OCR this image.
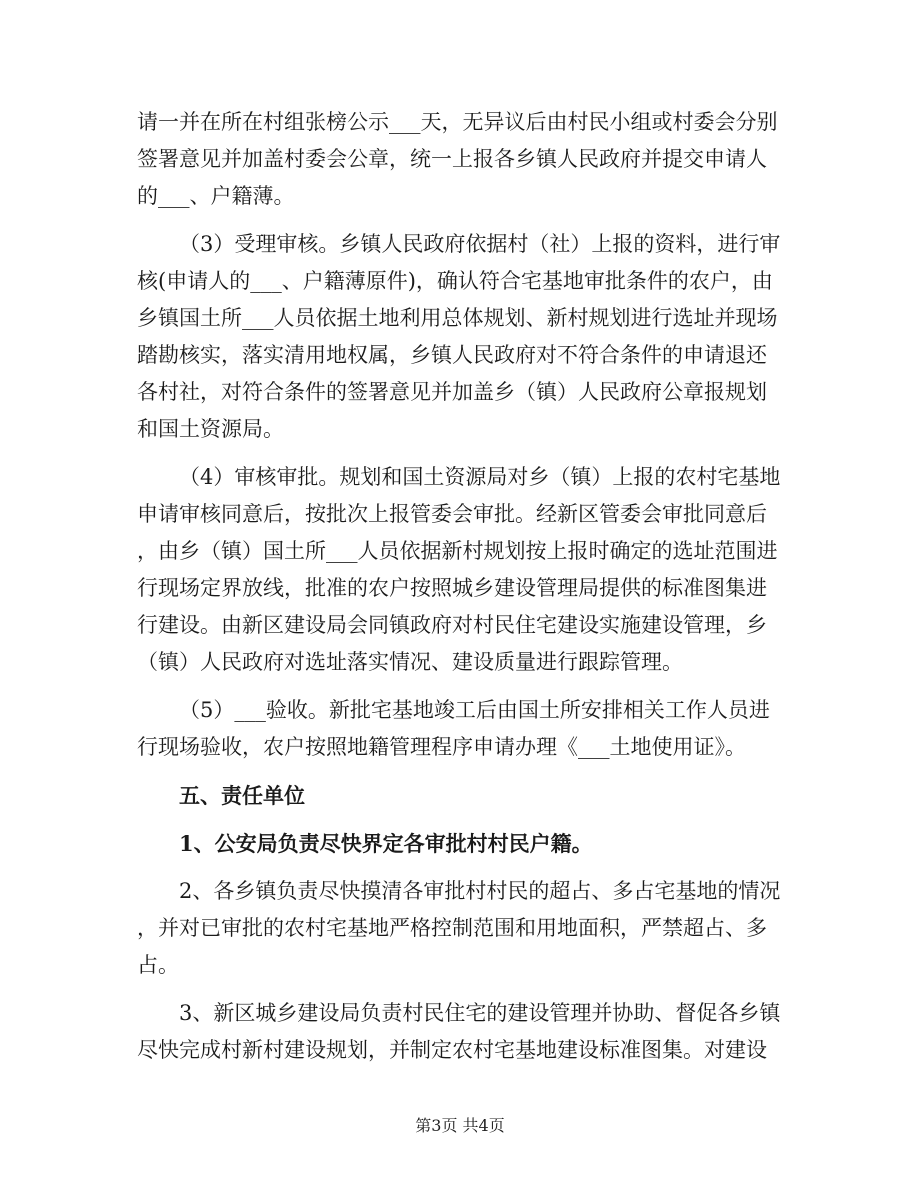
请一并在所在村组张榜公示___天，无异议后由村民小组或村委会分别
签署意见并加盖村委会公章，统一上报各乡镇人民政府并提交申请人
的___、户籍薄。
（3）受理审核。乡镇人民政府依据村（社）上报的资料，进行审
核(申请人的___、户籍薄原件)，确认符合宅基地审批条件的农户，由
乡镇国土所___人员依据土地利用总体规划、新村规划进行选址并现场
踏勘核实，落实清用地权属，乡镇人民政府对不符合条件的申请退还
各村社，对符合条件的签署意见并加盖乡（镇）人民政府公章报规划
和国土资源局。
（4）审核审批。规划和国土资源局对乡（镇）上报的农村宅基地
申请审核同意后，按批次上报管委会审批。经新区管委会审批同意后
，由乡（镇）国土所___人员依据新村规划按上报时确定的选址范围进
行现场定界放线，批准的农户按照城乡建设管理局提供的标准图集进
行建设。由新区建设局会同镇政府对村民住宅建设实施建设管理，乡
（镇）人民政府对选址落实情况、建设质量进行跟踪管理。
（5）___验收。新批宅基地竣工后由国土所安排相关工作人员进
行现场验收，农户按照地籍管理程序申请办理《___土地使用证》。
五、责任单位
1、公安局负责尽快界定各审批村村民户籍。
2、各乡镇负责尽快摸清各审批村村民的超占、多占宅基地的情况
，并对已审批的农村宅基地严格控制范围和用地面积，严禁超占、多
占。
3、新区城乡建设局负责村民住宅的建设管理并协助、督促各乡镇
尽快完成村新村建设规划，并制定农村宅基地建设标准图集。对建设
第3页 共4页
